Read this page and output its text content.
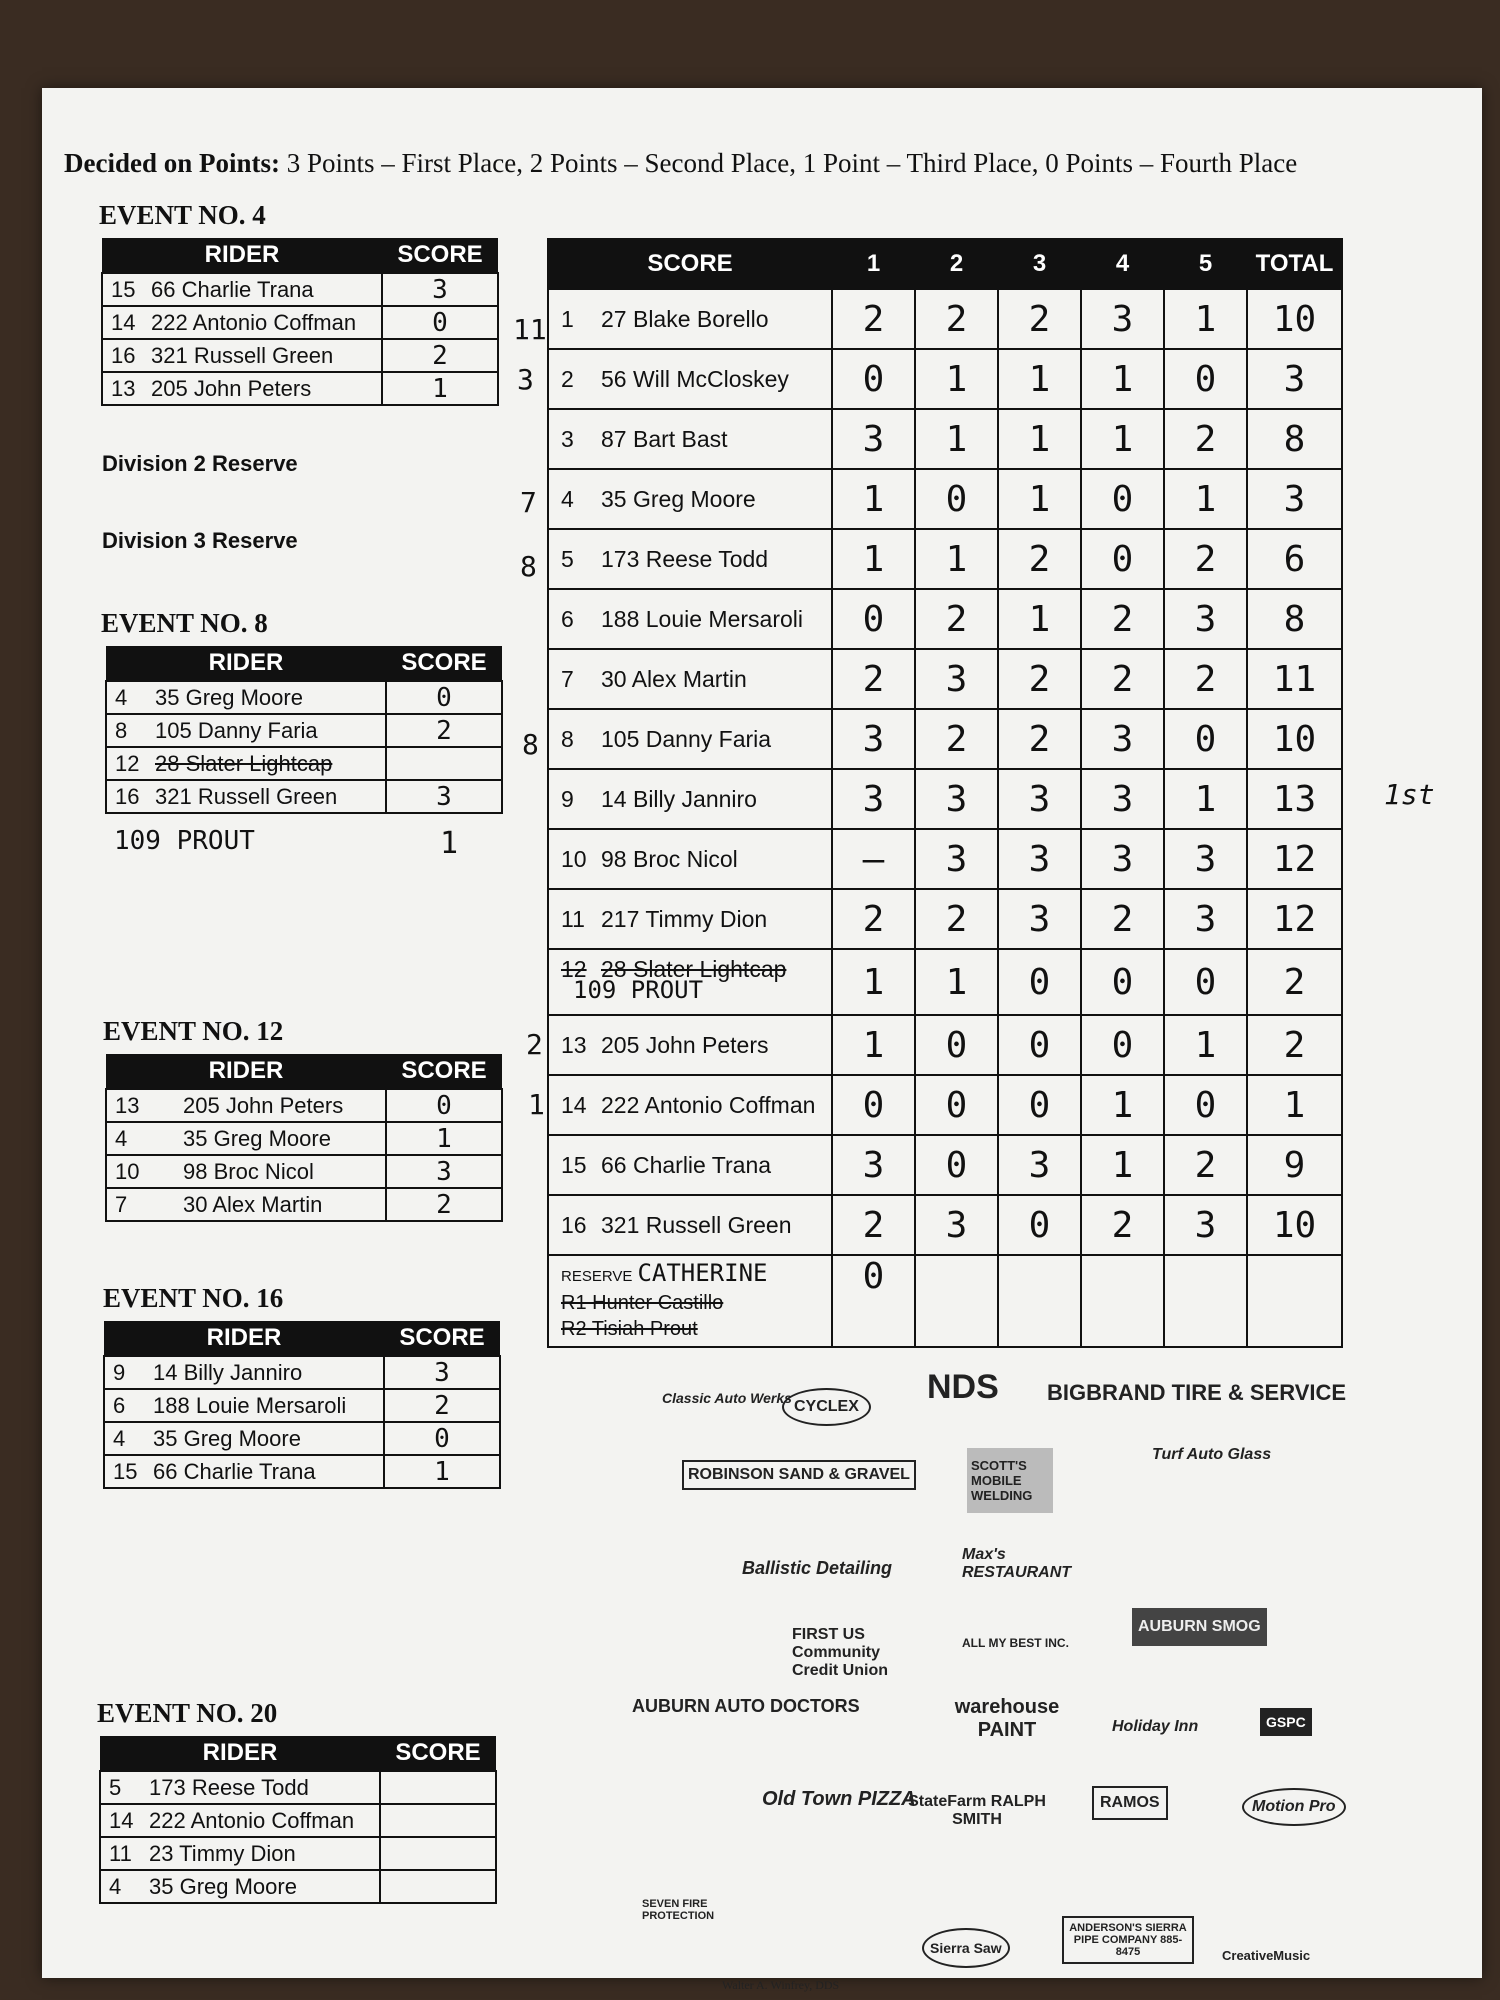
Decided on Points: 3 Points – First Place, 2 Points – Second Place, 1 Point – Third Place, 0 Points – Fourth Place
EVENT NO. 4
RIDER	SCORE
15 66 Charlie Trana	3
14 222 Antonio Coffman	0
16 321 Russell Green	2
13 205 John Peters	1
Division 2 Reserve
Division 3 Reserve
EVENT NO. 8
RIDER	SCORE
4 35 Greg Moore	0
8 105 Danny Faria	2
12 28 Slater Lightcap	
16 321 Russell Green	3
109 PROUT	1
EVENT NO. 12
RIDER	SCORE
13 205 John Peters	0
4 35 Greg Moore	1
10 98 Broc Nicol	3
7 30 Alex Martin	2
EVENT NO. 16
RIDER	SCORE
9 14 Billy Janniro	3
6 188 Louie Mersaroli	2
4 35 Greg Moore	0
15 66 Charlie Trana	1
EVENT NO. 20
RIDER	SCORE
5 173 Reese Todd	
14 222 Antonio Coffman	
11 23 Timmy Dion	
4 35 Greg Moore	
SCORE	1	2	3	4	5	TOTAL
1 27 Blake Borello	2	2	2	3	1	10
2 56 Will McCloskey	0	1	1	1	0	3
3 87 Bart Bast	3	1	1	1	2	8
4 35 Greg Moore	1	0	1	0	1	3
5 173 Reese Todd	1	1	2	0	2	6
6 188 Louie Mersaroli	0	2	1	2	3	8
7 30 Alex Martin	2	3	2	2	2	11
8 105 Danny Faria	3	2	2	3	0	10
9 14 Billy Janniro	3	3	3	3	1	13
10 98 Broc Nicol	–	3	3	3	3	12
11 217 Timmy Dion	2	2	3	2	3	12
12 28 Slater Lightcap
109 PROUT	1	1	0	0	0	2
13 205 John Peters	1	0	0	0	1	2
14 222 Antonio Coffman	0	0	0	1	0	1
15 66 Charlie Trana	3	0	3	1	2	9
16 321 Russell Green	2	3	0	2	3	10

RESERVE CATHERINE
R1 Hunter Castillo
R2 Tisiah Prout	0					
11
3
7
8
8
2
1
1st
Classic Auto Werks CYCLEX
NDS BIGBRAND TIRE & SERVICE
ROBINSON SAND & GRAVEL
SCOTT'S MOBILE WELDING
Turf Auto Glass
Ballistic Detailing
Max's RESTAURANT
FIRST US Community Credit Union
ALL MY BEST INC.
AUBURN SMOG
AUBURN AUTO DOCTORS	warehouse PAINT	Holiday Inn	GSPC
Old Town PIZZA
StateFarm RALPH SMITH
RAMOS	Motion Pro
SEVEN FIRE PROTECTION
Walter A. Winfrey, DDS
Sierra Saw
ANDERSON'S SIERRA PIPE COMPANY 885-8475	CreativeMusic
